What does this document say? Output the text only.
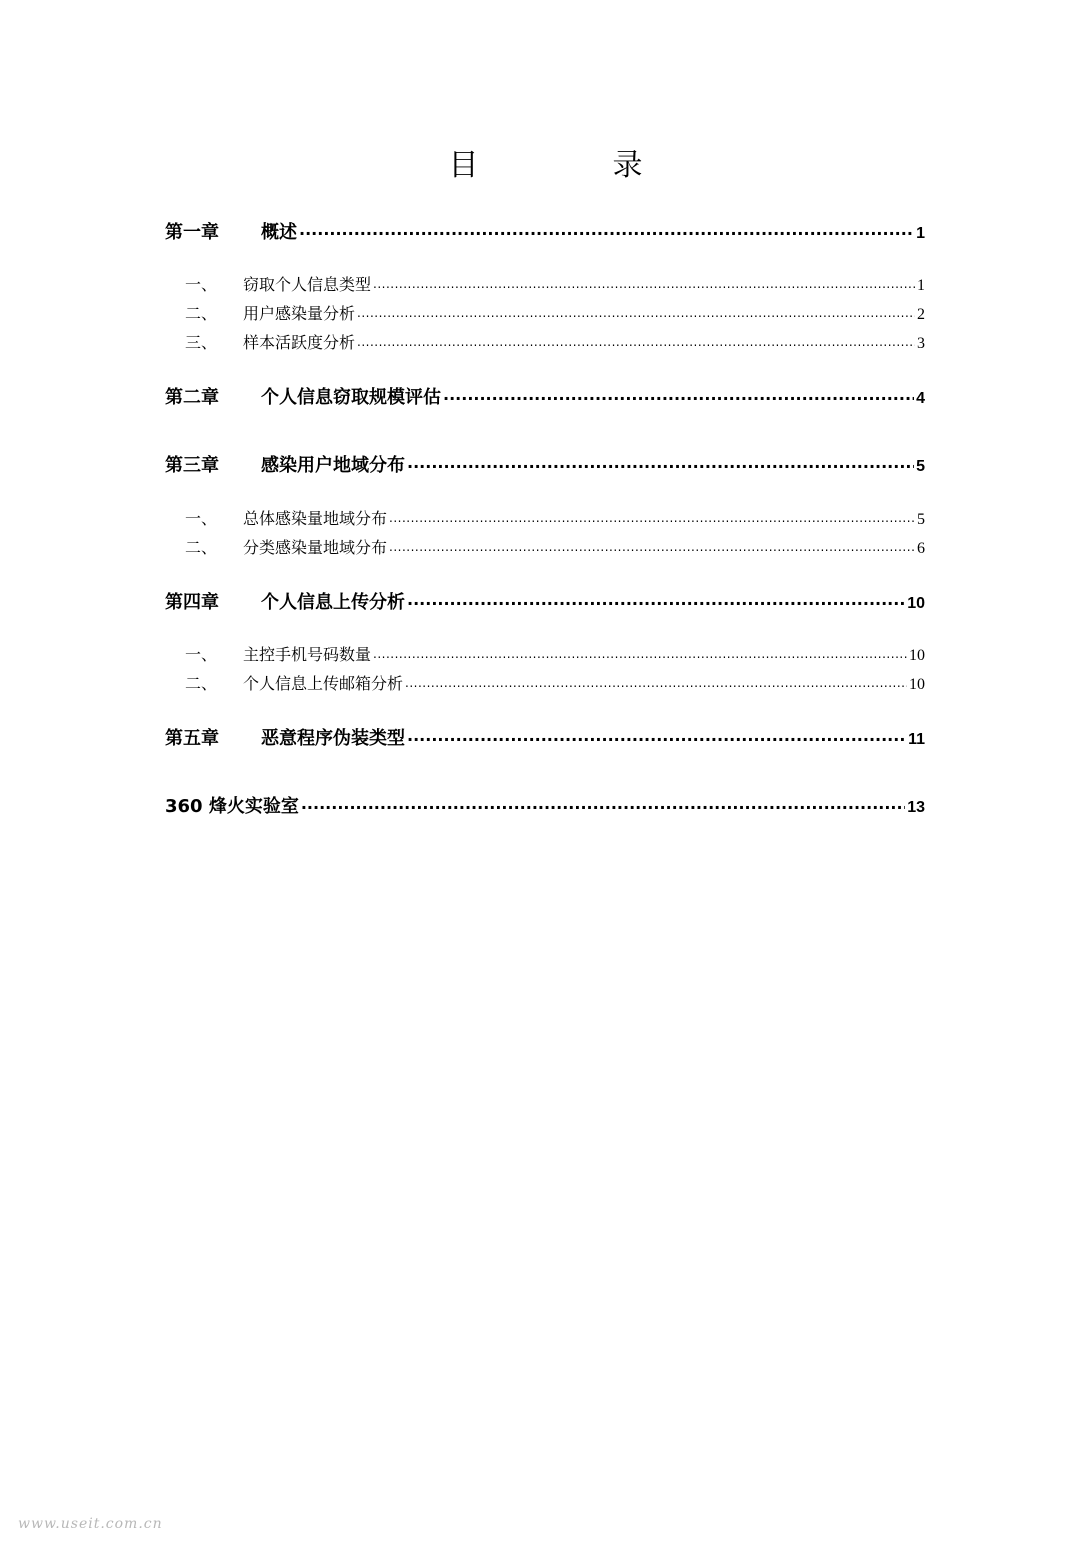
目　录
第一章	概述 .....	1
一、	窃取个人信息类型 .....	1
二、	用户感染量分析 .....	2
三、	样本活跃度分析 .....	3
第二章	个人信息窃取规模评估 .....	4
第三章	感染用户地域分布 .....	5
一、	总体感染量地域分布 .....	5
二、	分类感染量地域分布 .....	6
第四章	个人信息上传分析 .....	10
一、	主控手机号码数量 .....	10
二、	个人信息上传邮箱分析 .....	10
第五章	恶意程序伪装类型 .....	11
360 烽火实验室 .....	13
www.useit.com.cn
